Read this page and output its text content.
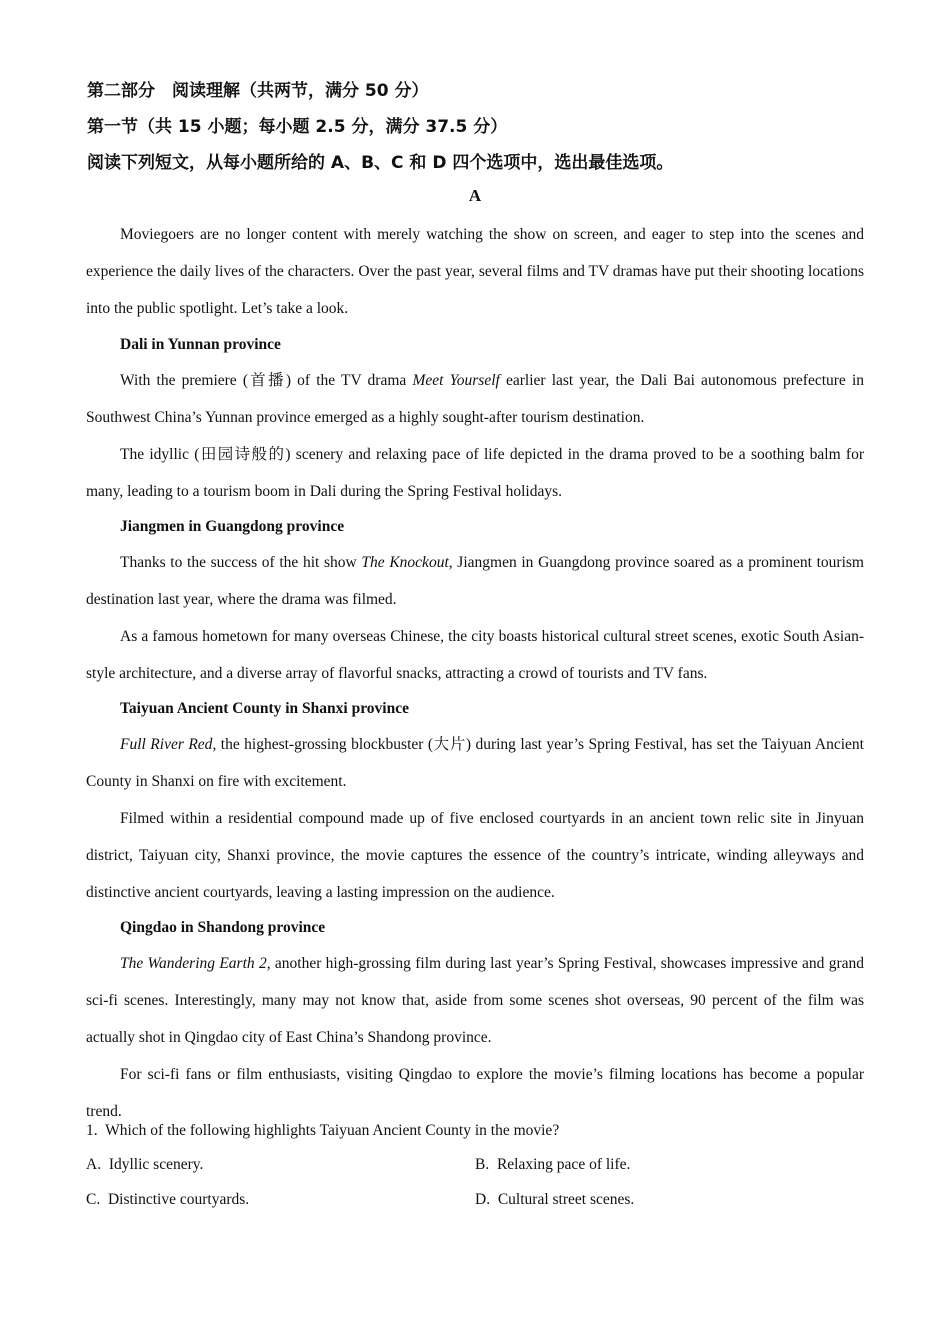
第二部分　阅读理解（共两节，满分 50 分）
第一节（共 15 小题；每小题 2.5 分，满分 37.5 分）
阅读下列短文，从每小题所给的 A、B、C 和 D 四个选项中，选出最佳选项。
A

Moviegoers are no longer content with merely watching the show on screen, and eager to step into the scenes and experience the daily lives of the characters. Over the past year, several films and TV dramas have put their shooting locations into the public spotlight. Let’s take a look.

Dali in Yunnan province

With the premiere (首播) of the TV drama Meet Yourself earlier last year, the Dali Bai autonomous prefecture in Southwest China’s Yunnan province emerged as a highly sought-after tourism destination.

The idyllic (田园诗般的) scenery and relaxing pace of life depicted in the drama proved to be a soothing balm for many, leading to a tourism boom in Dali during the Spring Festival holidays.

Jiangmen in Guangdong province

Thanks to the success of the hit show The Knockout, Jiangmen in Guangdong province soared as a prominent tourism destination last year, where the drama was filmed.

As a famous hometown for many overseas Chinese, the city boasts historical cultural street scenes, exotic South Asian-style architecture, and a diverse array of flavorful snacks, attracting a crowd of tourists and TV fans.

Taiyuan Ancient County in Shanxi province

Full River Red, the highest-grossing blockbuster (大片) during last year’s Spring Festival, has set the Taiyuan Ancient County in Shanxi on fire with excitement.

Filmed within a residential compound made up of five enclosed courtyards in an ancient town relic site in Jinyuan district, Taiyuan city, Shanxi province, the movie captures the essence of the country’s intricate, winding alleyways and distinctive ancient courtyards, leaving a lasting impression on the audience.

Qingdao in Shandong province

The Wandering Earth 2, another high-grossing film during last year’s Spring Festival, showcases impressive and grand sci-fi scenes. Interestingly, many may not know that, aside from some scenes shot overseas, 90 percent of the film was actually shot in Qingdao city of East China’s Shandong province.

For sci-fi fans or film enthusiasts, visiting Qingdao to explore the movie’s filming locations has become a popular trend.

1. Which of the following highlights Taiyuan Ancient County in the movie?
A. Idyllic scenery.	B. Relaxing pace of life.
C. Distinctive courtyards.	D. Cultural street scenes.
